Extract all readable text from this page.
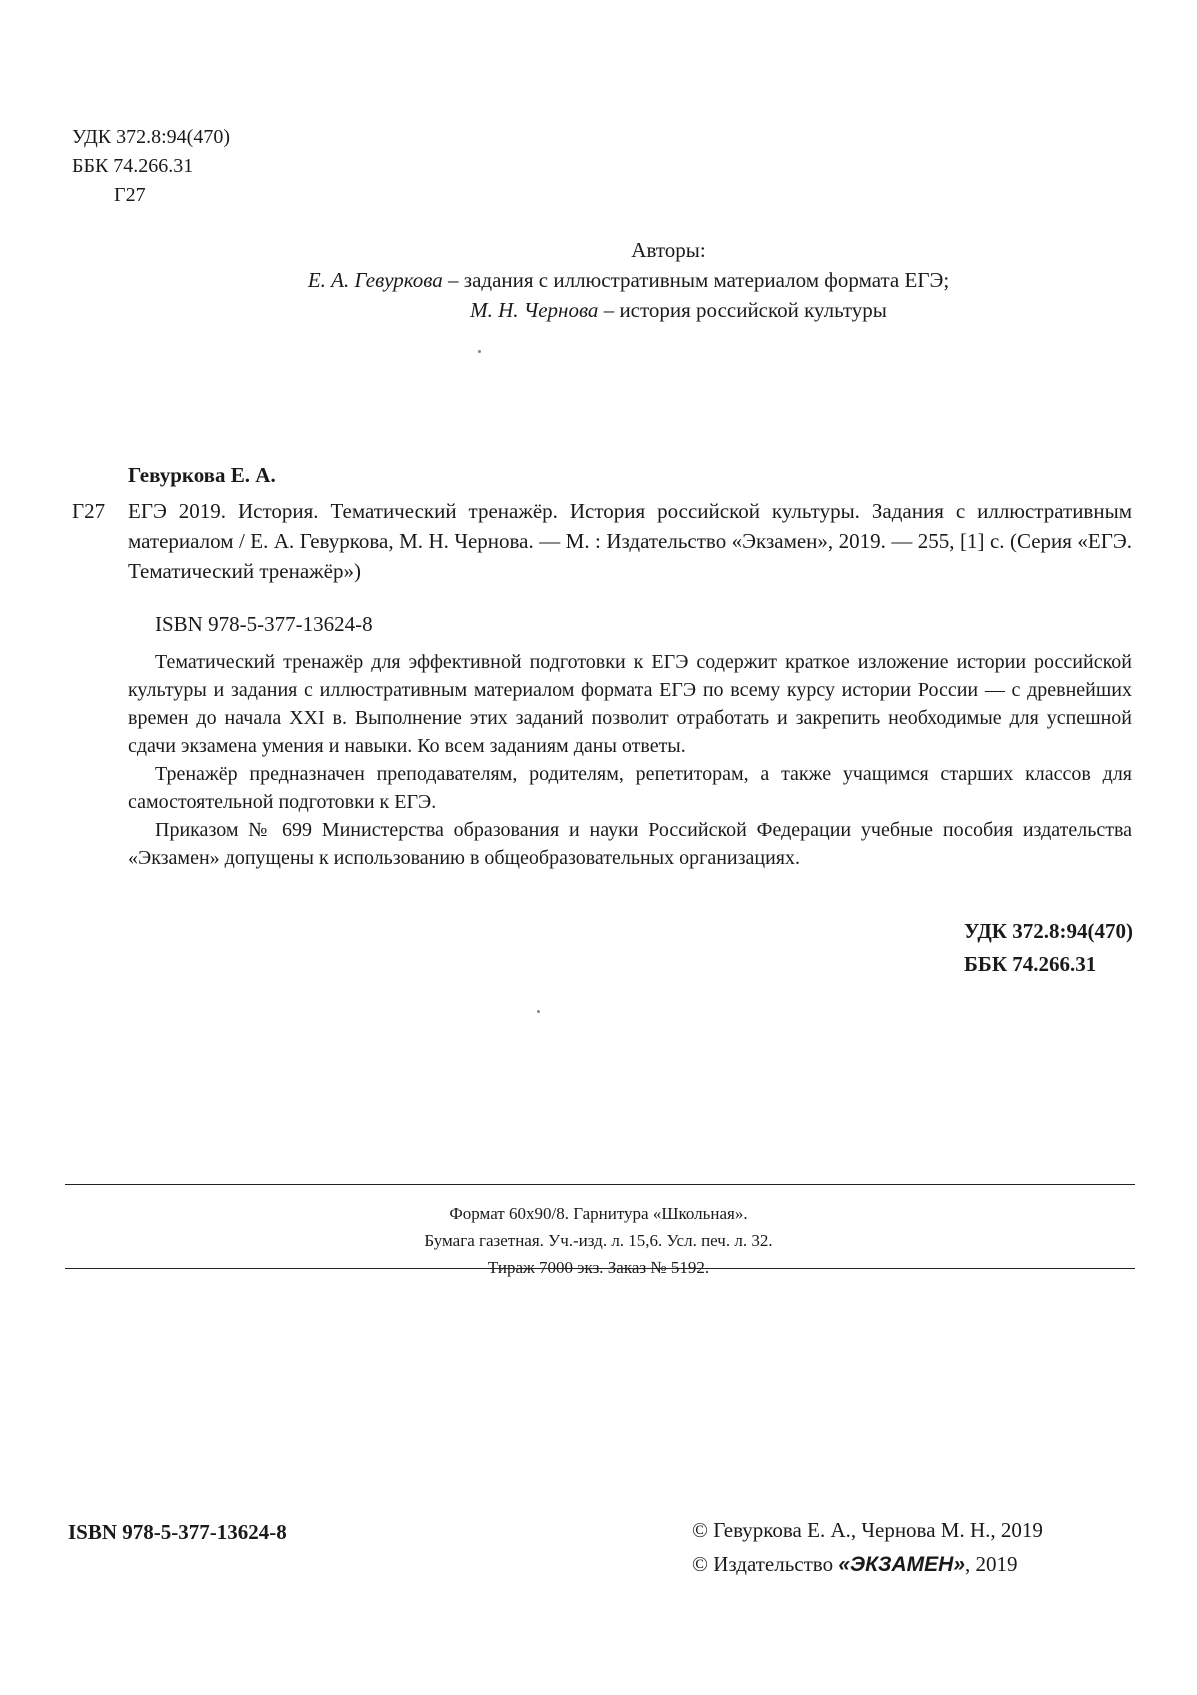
УДК 372.8:94(470)
ББК 74.266.31
Г27
Авторы:
Е. А. Гевуркова – задания с иллюстративным материалом формата ЕГЭ;
М. Н. Чернова – история российской культуры
Гевуркова Е. А.
Г27 ЕГЭ 2019. История. Тематический тренажёр. История российской культуры. Задания с иллюстративным материалом / Е. А. Гевуркова, М. Н. Чернова. — М. : Издательство «Экзамен», 2019. — 255, [1] с. (Серия «ЕГЭ. Тематический тренажёр»)
ISBN 978-5-377-13624-8

Тематический тренажёр для эффективной подготовки к ЕГЭ содержит краткое изложение истории российской культуры и задания с иллюстративным материалом формата ЕГЭ по всему курсу истории России — с древнейших времен до начала XXI в. Выполнение этих заданий позволит отработать и закрепить необходимые для успешной сдачи экзамена умения и навыки. Ко всем заданиям даны ответы.

Тренажёр предназначен преподавателям, родителям, репетиторам, а также учащимся старших классов для самостоятельной подготовки к ЕГЭ.

Приказом № 699 Министерства образования и науки Российской Федерации учебные пособия издательства «Экзамен» допущены к использованию в общеобразовательных организациях.

УДК 372.8:94(470)
ББК 74.266.31
Формат 60х90/8. Гарнитура «Школьная».
Бумага газетная. Уч.-изд. л. 15,6. Усл. печ. л. 32.
Тираж 7000 экз. Заказ № 5192.
ISBN 978-5-377-13624-8	© Гевуркова Е. А., Чернова М. Н., 2019
© Издательство «ЭКЗАМЕН», 2019
